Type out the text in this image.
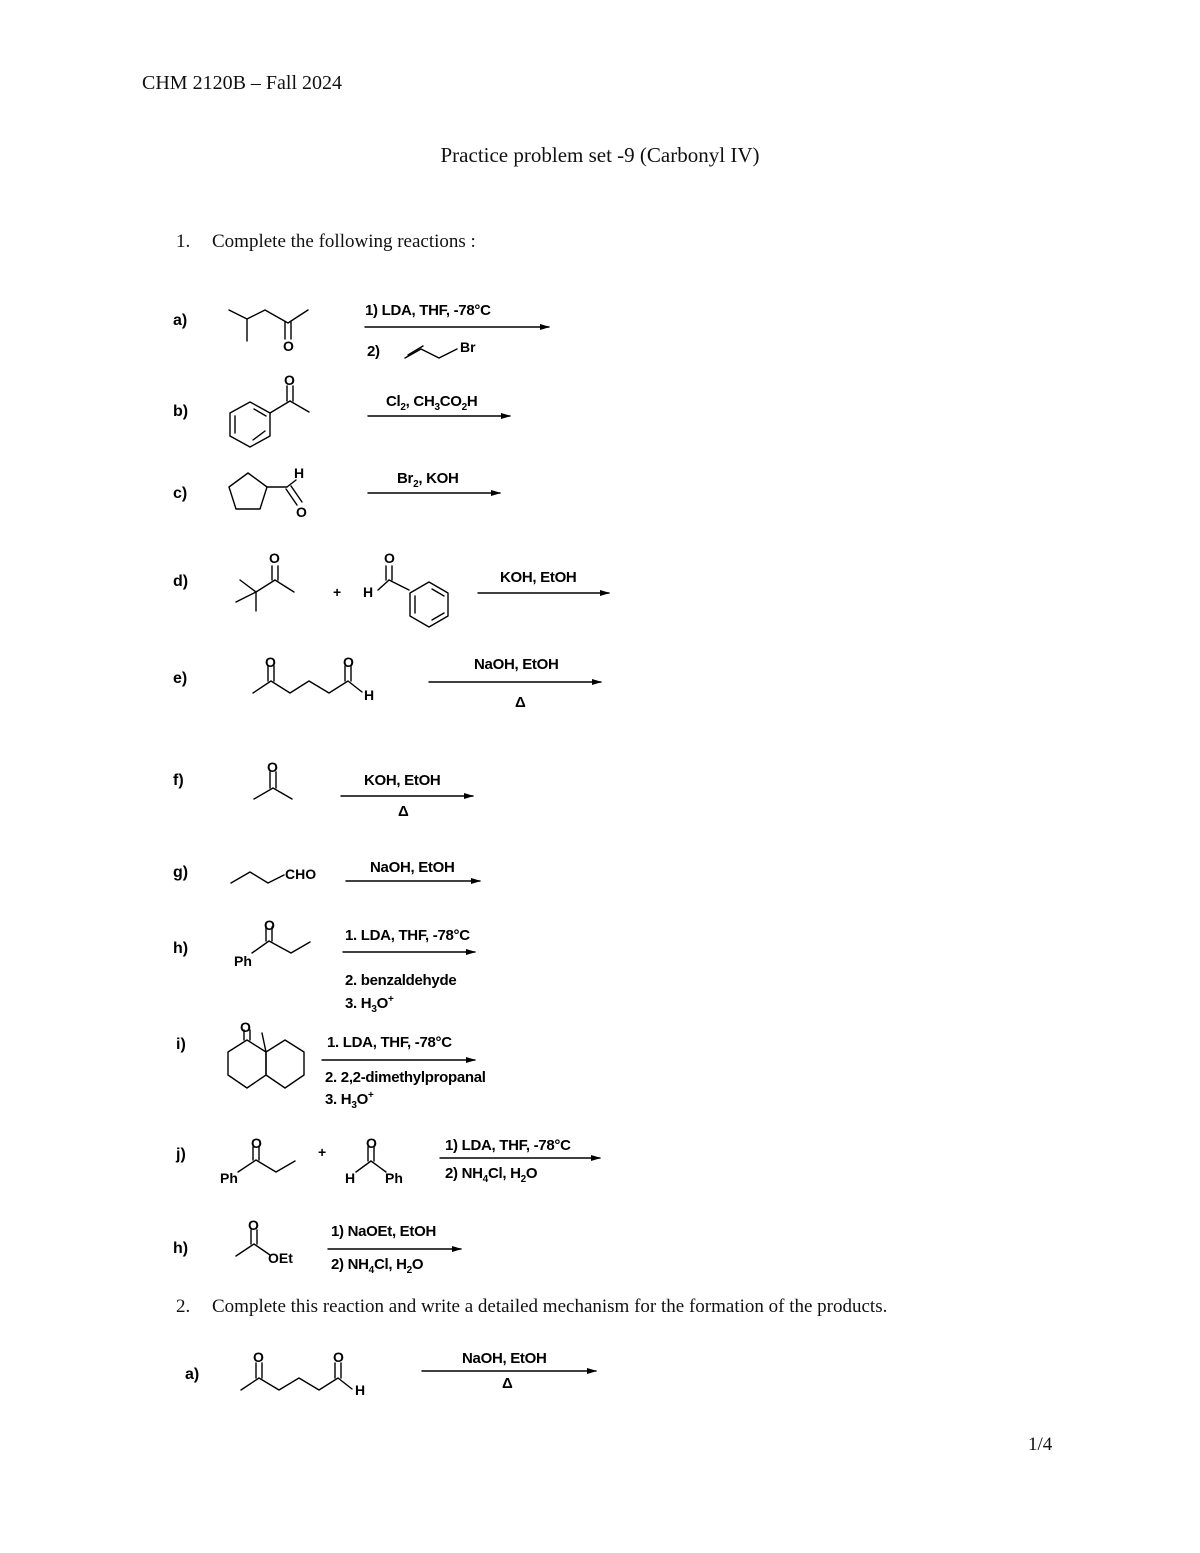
CHM 2120B – Fall 2024
Practice problem set -9 (Carbonyl IV)
1. Complete the following reactions :
a)
b)
c)
d)
e)
f)
g)
h)
i)
j)
h)
1) LDA, THF, -78°C
2)
$Cl_2$, $CH_3CO_2H$
$Br_2$, KOH
KOH, EtOH
NaOH, EtOH
Δ
KOH, EtOH
Δ
NaOH, EtOH
1. LDA, THF, -78°C
2. benzaldehyde
3. $H_3O^+$
1. LDA, THF, -78°C
2. 2,2-dimethylpropanal
3. $H_3O^+$
1) LDA, THF, -78°C
2) $NH_4Cl$, $H_2O$
1) NaOEt, EtOH
2) $NH_4Cl$, $H_2O$
2. Complete this reaction and write a detailed mechanism for the formation of the products.
a)
NaOH, EtOH
Δ
1/4
O	Br
O
H
O
O
+ H
O
O	O
H
O
CHO
O
Ph
O
O
Ph
+
O
H Ph
O
OEt
O	O
H
